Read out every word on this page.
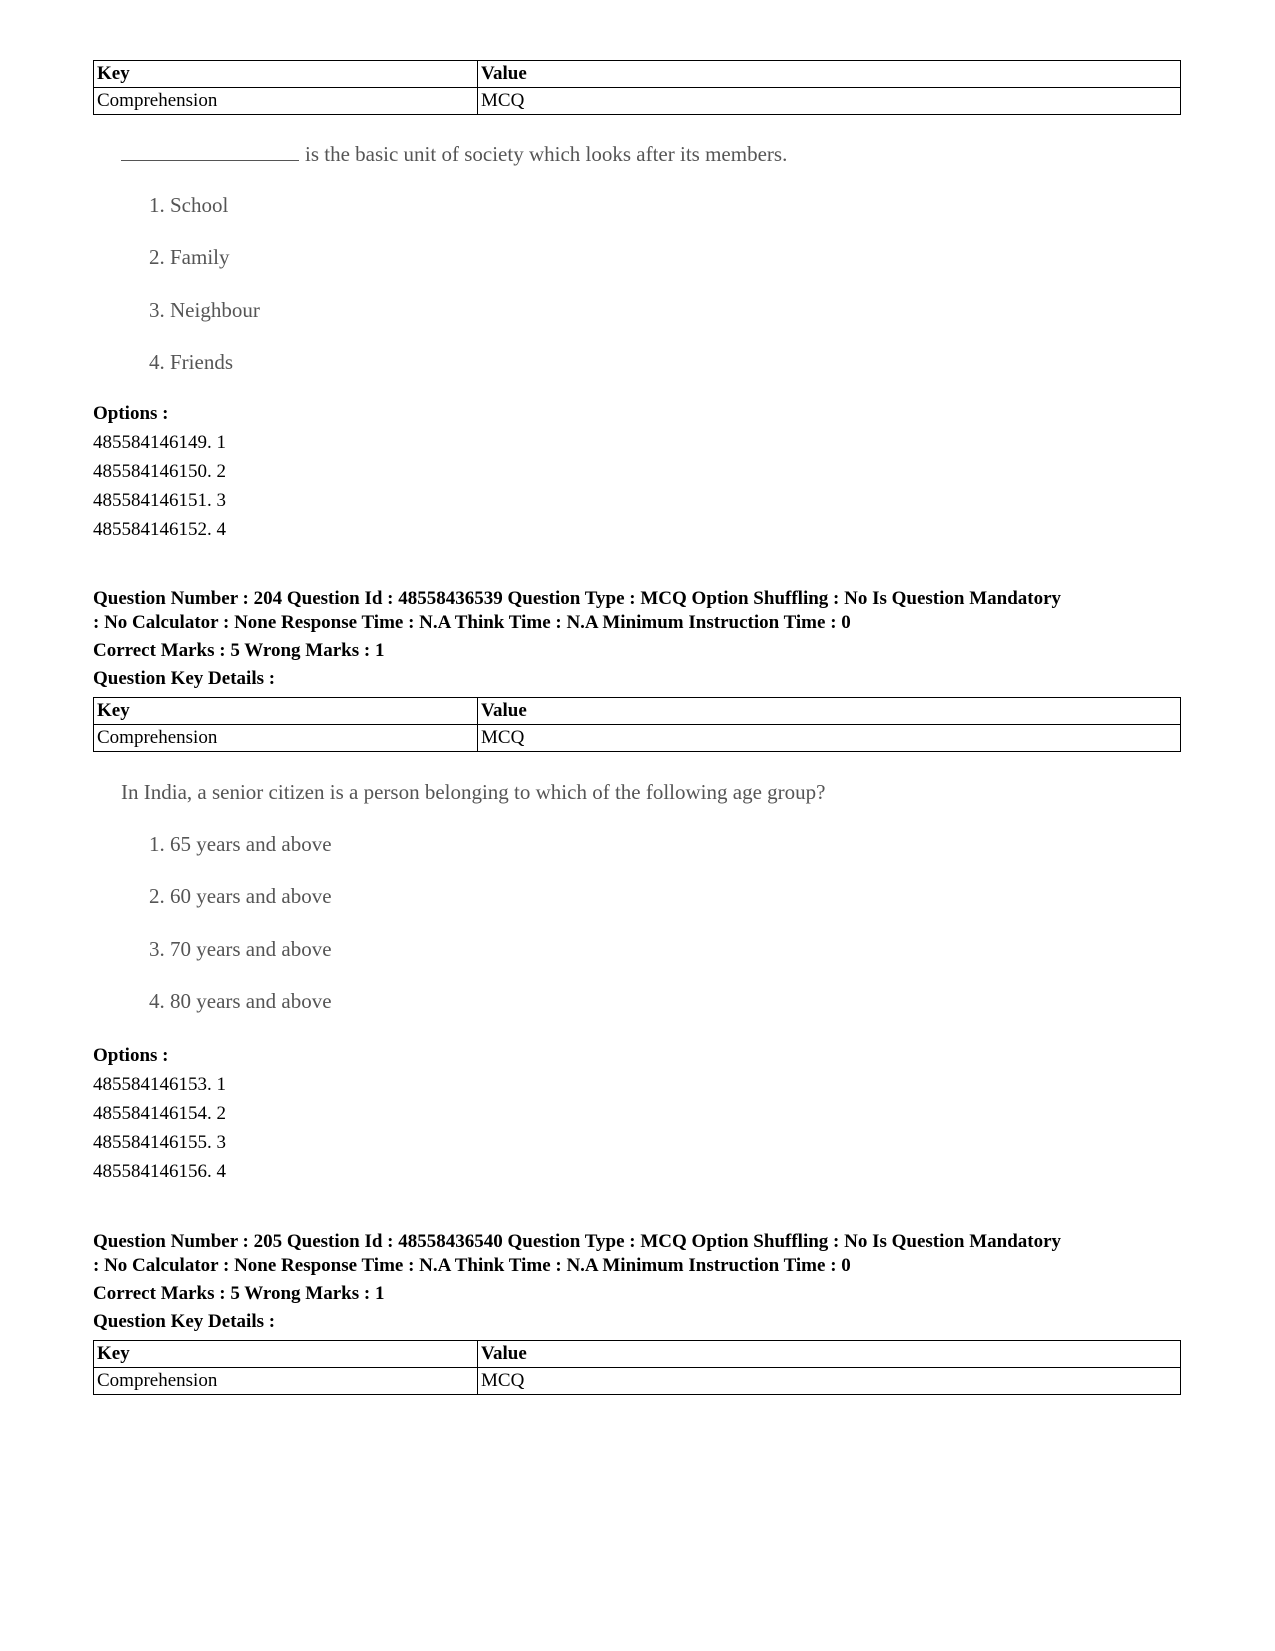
Key	Value
Comprehension	MCQ
is the basic unit of society which looks after its members.
1. School
2. Family
3. Neighbour
4. Friends
Options :
485584146149. 1
485584146150. 2
485584146151. 3
485584146152. 4
Question Number : 204 Question Id : 48558436539 Question Type : MCQ Option Shuffling : No Is Question Mandatory
: No Calculator : None Response Time : N.A Think Time : N.A Minimum Instruction Time : 0
Correct Marks : 5 Wrong Marks : 1
Question Key Details :
Key	Value
Comprehension	MCQ
In India, a senior citizen is a person belonging to which of the following age group?
1. 65 years and above
2. 60 years and above
3. 70 years and above
4. 80 years and above
Options :
485584146153. 1
485584146154. 2
485584146155. 3
485584146156. 4
Question Number : 205 Question Id : 48558436540 Question Type : MCQ Option Shuffling : No Is Question Mandatory
: No Calculator : None Response Time : N.A Think Time : N.A Minimum Instruction Time : 0
Correct Marks : 5 Wrong Marks : 1
Question Key Details :
Key	Value
Comprehension	MCQ
